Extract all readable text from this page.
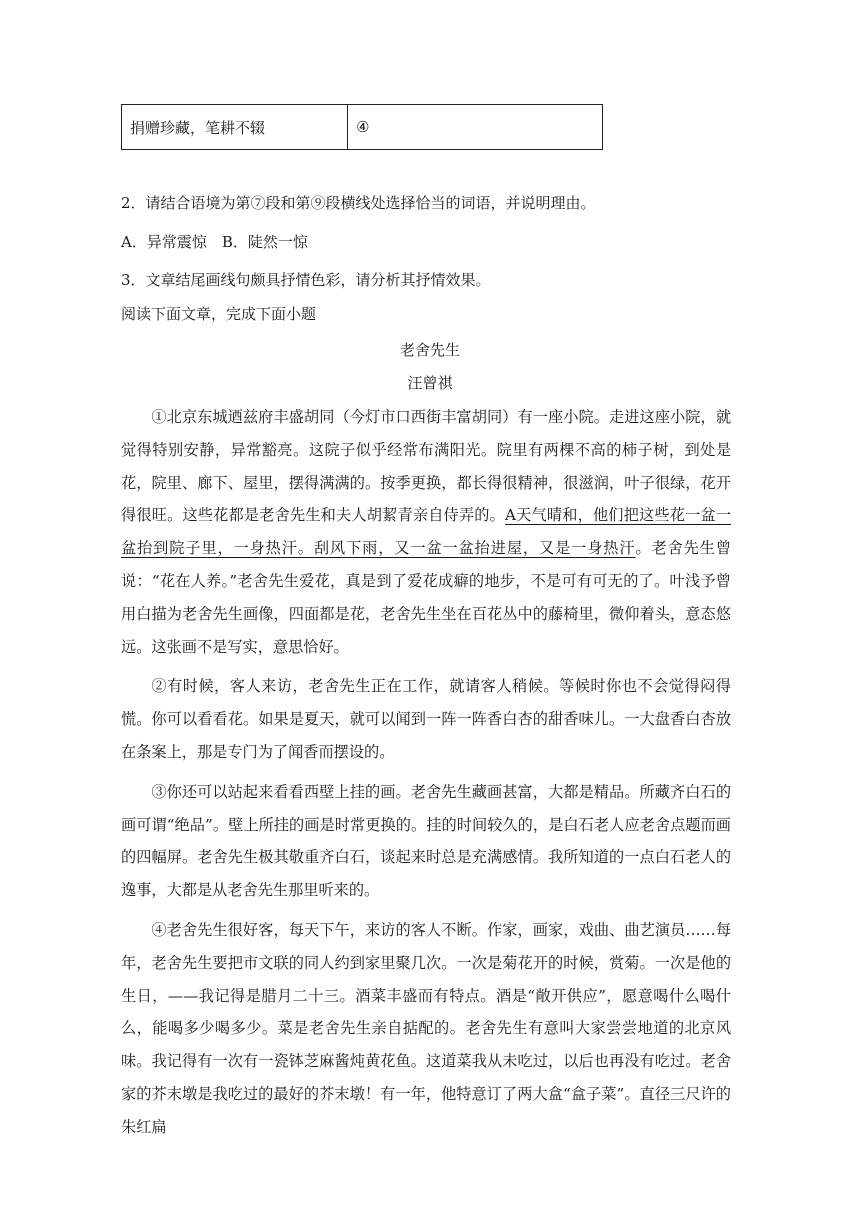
捐赠珍藏，笔耕不辍	④
2．请结合语境为第⑦段和第⑨段横线处选择恰当的词语，并说明理由。
A．异常震惊　B．陡然一惊
3．文章结尾画线句颇具抒情色彩，请分析其抒情效果。
阅读下面文章，完成下面小题
老舍先生
汪曾祺

①北京东城迺兹府丰盛胡同（今灯市口西街丰富胡同）有一座小院。走进这座小院，就觉得特别安静，异常豁亮。这院子似乎经常布满阳光。院里有两棵不高的柿子树，到处是花，院里、廊下、屋里，摆得满满的。按季更换，都长得很精神，很滋润，叶子很绿，花开得很旺。这些花都是老舍先生和夫人胡絜青亲自侍弄的。A天气晴和，他们把这些花一盆一盆抬到院子里，一身热汗。刮风下雨，又一盆一盆抬进屋，又是一身热汗。老舍先生曾说：“花在人养。”老舍先生爱花，真是到了爱花成癖的地步，不是可有可无的了。叶浅予曾用白描为老舍先生画像，四面都是花，老舍先生坐在百花丛中的藤椅里，微仰着头，意态悠远。这张画不是写实，意思恰好。

②有时候，客人来访，老舍先生正在工作，就请客人稍候。等候时你也不会觉得闷得慌。你可以看看花。如果是夏天，就可以闻到一阵一阵香白杏的甜香味儿。一大盘香白杏放在条案上，那是专门为了闻香而摆设的。

③你还可以站起来看看西壁上挂的画。老舍先生藏画甚富，大都是精品。所藏齐白石的画可谓“绝品”。壁上所挂的画是时常更换的。挂的时间较久的，是白石老人应老舍点题而画的四幅屏。老舍先生极其敬重齐白石，谈起来时总是充满感情。我所知道的一点白石老人的逸事，大都是从老舍先生那里听来的。

④老舍先生很好客，每天下午，来访的客人不断。作家，画家，戏曲、曲艺演员……每年，老舍先生要把市文联的同人约到家里聚几次。一次是菊花开的时候，赏菊。一次是他的生日，——我记得是腊月二十三。酒菜丰盛而有特点。酒是“敞开供应”，愿意喝什么喝什么，能喝多少喝多少。菜是老舍先生亲自掂配的。老舍先生有意叫大家尝尝地道的北京风味。我记得有一次有一瓷钵芝麻酱炖黄花鱼。这道菜我从未吃过，以后也再没有吃过。老舍家的芥末墩是我吃过的最好的芥末墩！有一年，他特意订了两大盒“盒子菜”。直径三尺许的朱红扁
